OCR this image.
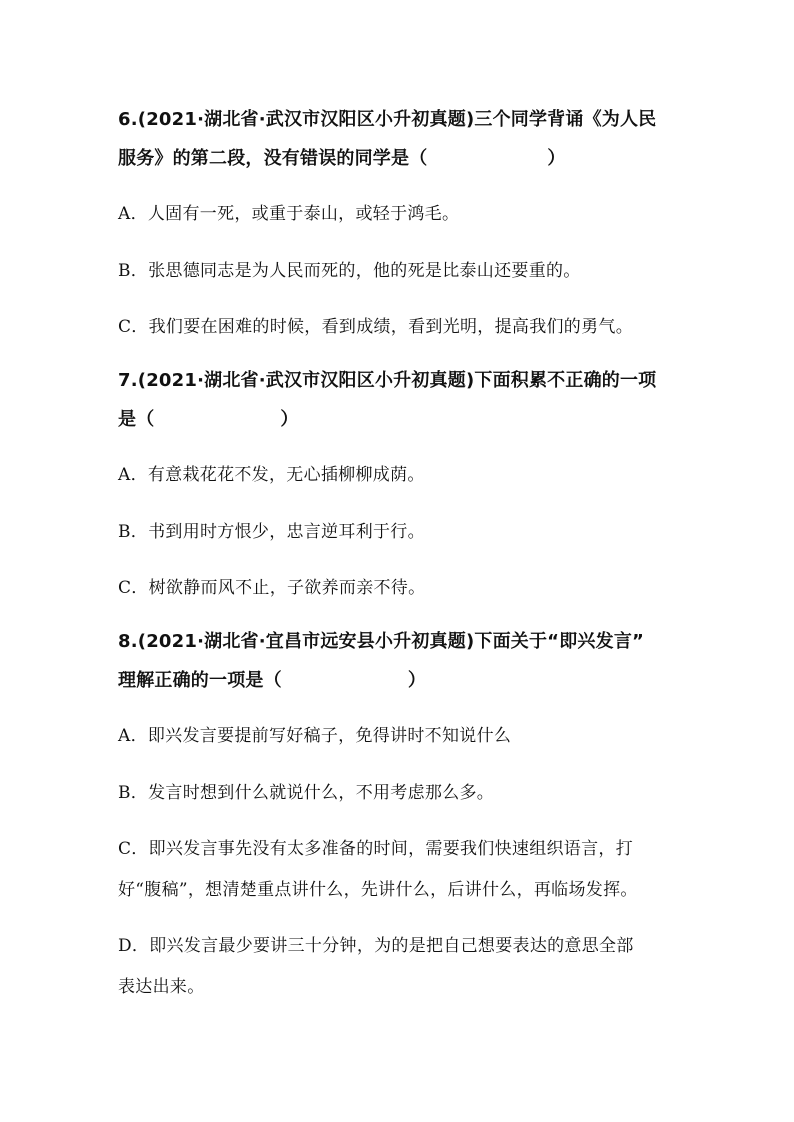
6.(2021·湖北省·武汉市汉阳区小升初真题)三个同学背诵《为人民
服务》的第二段，没有错误的同学是（	）
A．人固有一死，或重于泰山，或轻于鸿毛。
B．张思德同志是为人民而死的，他的死是比泰山还要重的。
C．我们要在困难的时候，看到成绩，看到光明，提高我们的勇气。
7.(2021·湖北省·武汉市汉阳区小升初真题)下面积累不正确的一项
是（	）
A．有意栽花花不发，无心插柳柳成荫。
B．书到用时方恨少，忠言逆耳利于行。
C．树欲静而风不止，子欲养而亲不待。
8.(2021·湖北省·宜昌市远安县小升初真题)下面关于“即兴发言”
理解正确的一项是（	）
A．即兴发言要提前写好稿子，免得讲时不知说什么
B．发言时想到什么就说什么，不用考虑那么多。
C．即兴发言事先没有太多准备的时间，需要我们快速组织语言，打
好“腹稿”，想清楚重点讲什么，先讲什么，后讲什么，再临场发挥。
D．即兴发言最少要讲三十分钟，为的是把自己想要表达的意思全部
表达出来。
